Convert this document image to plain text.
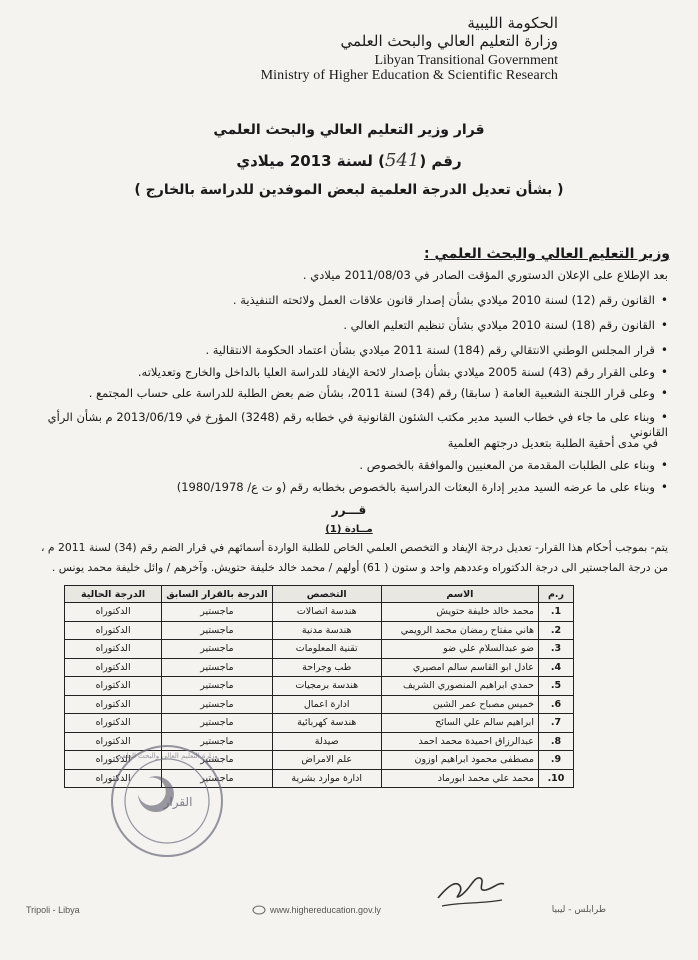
الحكومة الليبية
وزارة التعليم العالي والبحث العلمي
Libyan Transitional Government
Ministry of Higher Education & Scientific Research
قرار وزير التعليم العالي والبحث العلمي
رقم (541) لسنة 2013 ميلادي
( بشأن تعديل الدرجة العلمية لبعض الموفدين للدراسة بالخارج )
وزير التعليم العالي والبحث العلمي :
بعد الإطلاع على الإعلان الدستوري المؤقت الصادر في 2011/08/03 ميلادي .
• القانون رقم (12) لسنة 2010 ميلادي بشأن إصدار قانون علاقات العمل ولائحته التنفيذية .
• القانون رقم (18) لسنة 2010 ميلادي بشأن تنظيم التعليم العالي .
• قرار المجلس الوطني الانتقالي رقم (184) لسنة 2011 ميلادي بشأن اعتماد الحكومة الانتقالية .
• وعلى القرار رقم (43) لسنة 2005 ميلادي بشأن بإصدار لائحة الإيفاد للدراسة العليا بالداخل والخارج وتعديلاته.
• وعلى قرار اللجنة الشعبية العامة ( سابقا) رقم (34) لسنة 2011، بشأن ضم بعض الطلبة للدراسة على حساب المجتمع .
• وبناء على ما جاء في خطاب السيد مدير مكتب الشئون القانونية في خطابه رقم (3248) المؤرخ في 2013/06/19 م بشأن الرأي القانوني
في مدى أحقية الطلبة بتعديل درجتهم العلمية
• وبناء على الطلبات المقدمة من المعنيين والموافقة بالخصوص .
• وبناء على ما عرضه السيد مدير إدارة البعثات الدراسية بالخصوص بخطابه رقم (و ت ع/ 1980/1978)
قـــرر
مــادة (1)
يتم- بموجب أحكام هذا القرار- تعديل درجة الإيفاد و التخصص العلمي الخاص للطلبة الواردة أسمائهم في قرار الضم رقم (34) لسنة 2011 م ،
من درجة الماجستير الى درجة الدكتوراه وعددهم واحد و ستون ( 61) أولهم / محمد خالد خليفة حتويش. وآخرهم / وائل خليفة محمد يونس .
ر.م	الاسم	التخصص	الدرجة بالقرار السابق	الدرجة الحالية
1.	محمد خالد خليفة حتويش	هندسة اتصالات	ماجستير	الدكتوراه
2.	هاني مفتاح رمضان محمد الرويمي	هندسة مدنية	ماجستير	الدكتوراه
3.	ضو عبدالسلام علي ضو	تقنية المعلومات	ماجستير	الدكتوراه
4.	عادل ابو القاسم سالم امصيري	طب وجراحة	ماجستير	الدكتوراه
5.	حمدي ابراهيم المنصوري الشريف	هندسة برمجيات	ماجستير	الدكتوراه
6.	خميس مصباح عمر الشين	ادارة اعمال	ماجستير	الدكتوراه
7.	ابراهيم سالم علي السائح	هندسة كهربائية	ماجستير	الدكتوراه
8.	عبدالرزاق احميدة محمد احمد	صيدلة	ماجستير	الدكتوراه
9.	مصطفى محمود ابراهيم اوزون	علم الامراض	ماجستير	الدكتوراه
10.	محمد علي محمد ابورماد	ادارة موارد بشرية	ماجستير	الدكتوراه
القرار
وزارة التعليم العالي والبحث العلمي
Tripoli - Libya	www.highereducation.gov.ly	طرابلس - ليبيا
